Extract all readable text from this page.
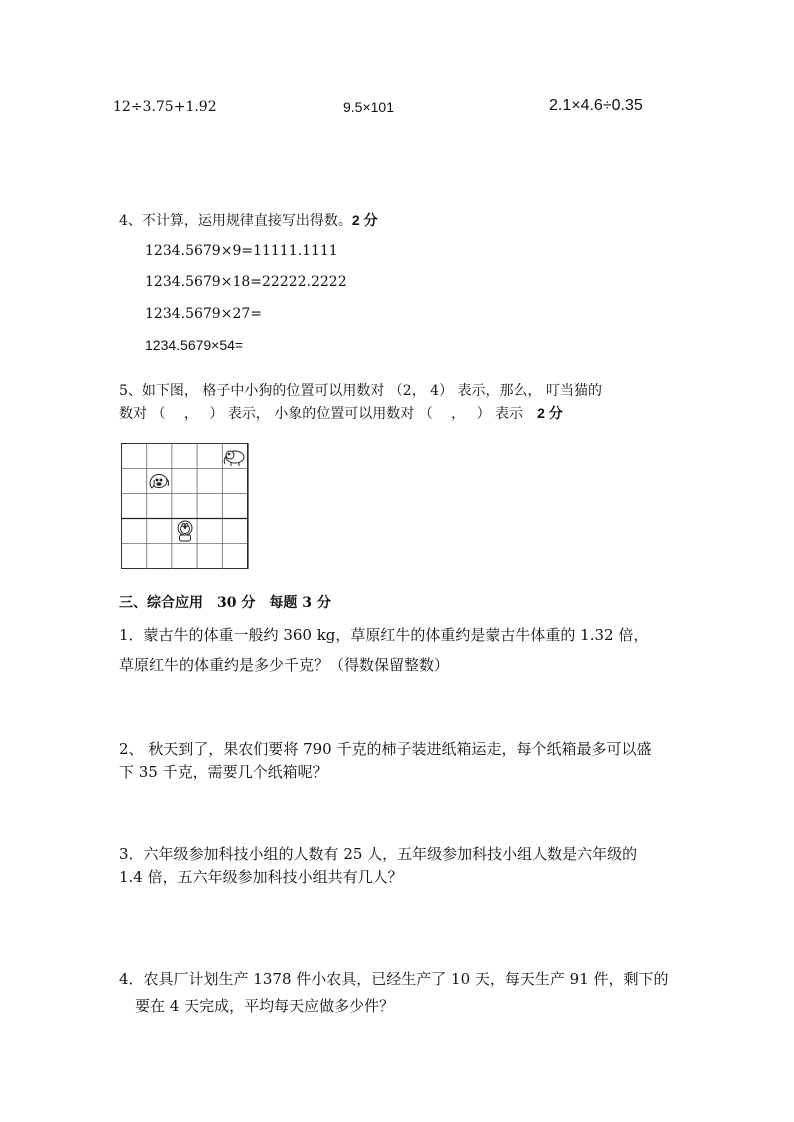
12÷3.75+1.92	9.5×101	2.1×4.6÷0.35
4、不计算，运用规律直接写出得数。2 分
1234.5679×9=11111.1111
1234.5679×18=22222.2222
1234.5679×27=
1234.5679×54=
5、如下图， 格子中小狗的位置可以用数对 （2， 4） 表示，那么， 叮当猫的
数对 （　 ，　 ） 表示， 小象的位置可以用数对 （　 ，　 ） 表示　 2 分
三、综合应用　30 分　每题 3 分
1．蒙古牛的体重一般约 360 kg，草原红牛的体重约是蒙古牛体重的 1.32 倍，
草原红牛的体重约是多少千克？（得数保留整数）
2、 秋天到了，果农们要将 790 千克的柿子装进纸箱运走，每个纸箱最多可以盛
下 35 千克，需要几个纸箱呢？
3．六年级参加科技小组的人数有 25 人，五年级参加科技小组人数是六年级的
1.4 倍，五六年级参加科技小组共有几人？
4．农具厂计划生产 1378 件小农具，已经生产了 10 天，每天生产 91 件，剩下的
要在 4 天完成，平均每天应做多少件？
